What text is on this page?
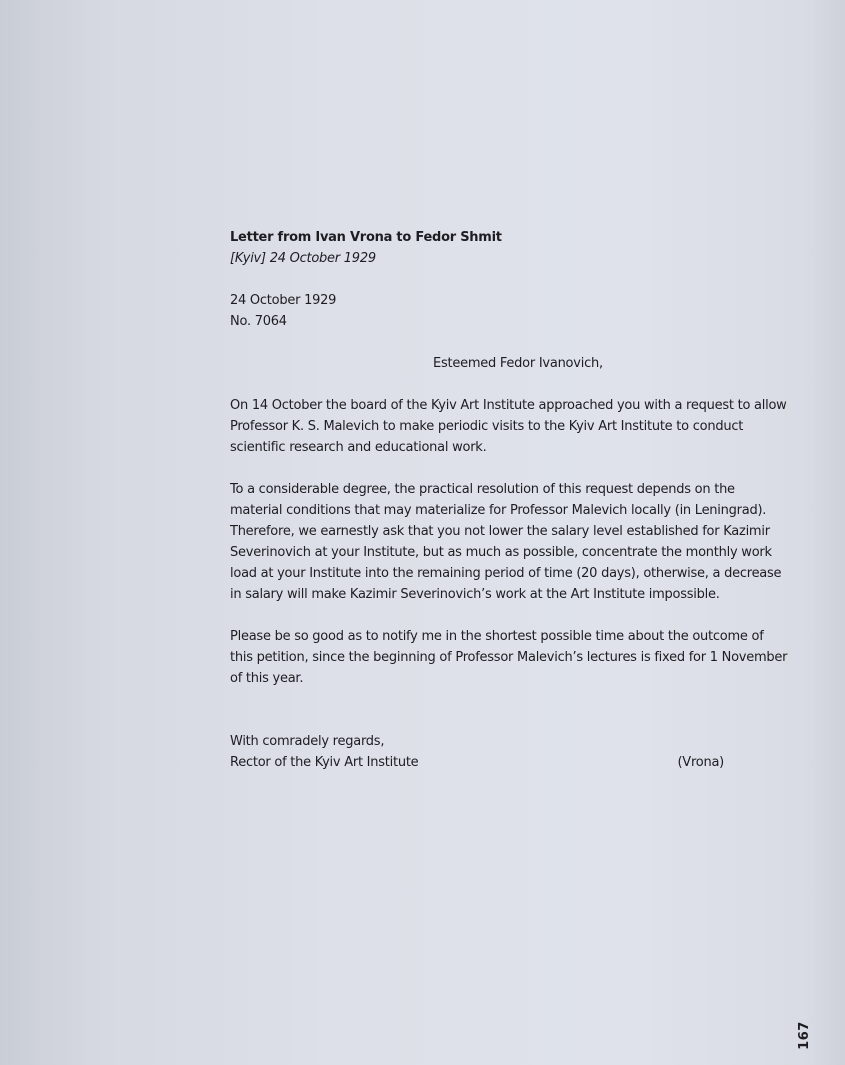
Letter from Ivan Vrona to Fedor Shmit

[Kyiv] 24 October 1929

24 October 1929
No. 7064
Esteemed Fedor Ivanovich,

On 14 October the board of the Kyiv Art Institute approached you with a request to allow Professor K. S. Malevich to make periodic visits to the Kyiv Art Institute to conduct scientific research and educational work.

To a considerable degree, the practical resolution of this request depends on the material conditions that may materialize for Professor Malevich locally (in Leningrad). Therefore, we earnestly ask that you not lower the salary level established for Kazimir Severinovich at your Institute, but as much as possible, concentrate the monthly work load at your Institute into the remaining period of time (20 days), otherwise, a decrease in salary will make Kazimir Severinovich’s work at the Art Institute impossible.

Please be so good as to notify me in the shortest possible time about the outcome of this petition, since the beginning of Professor Malevich’s lectures is fixed for 1 November of this year.

With comradely regards,
Rector of the Kyiv Art Institute	(Vrona)
167
